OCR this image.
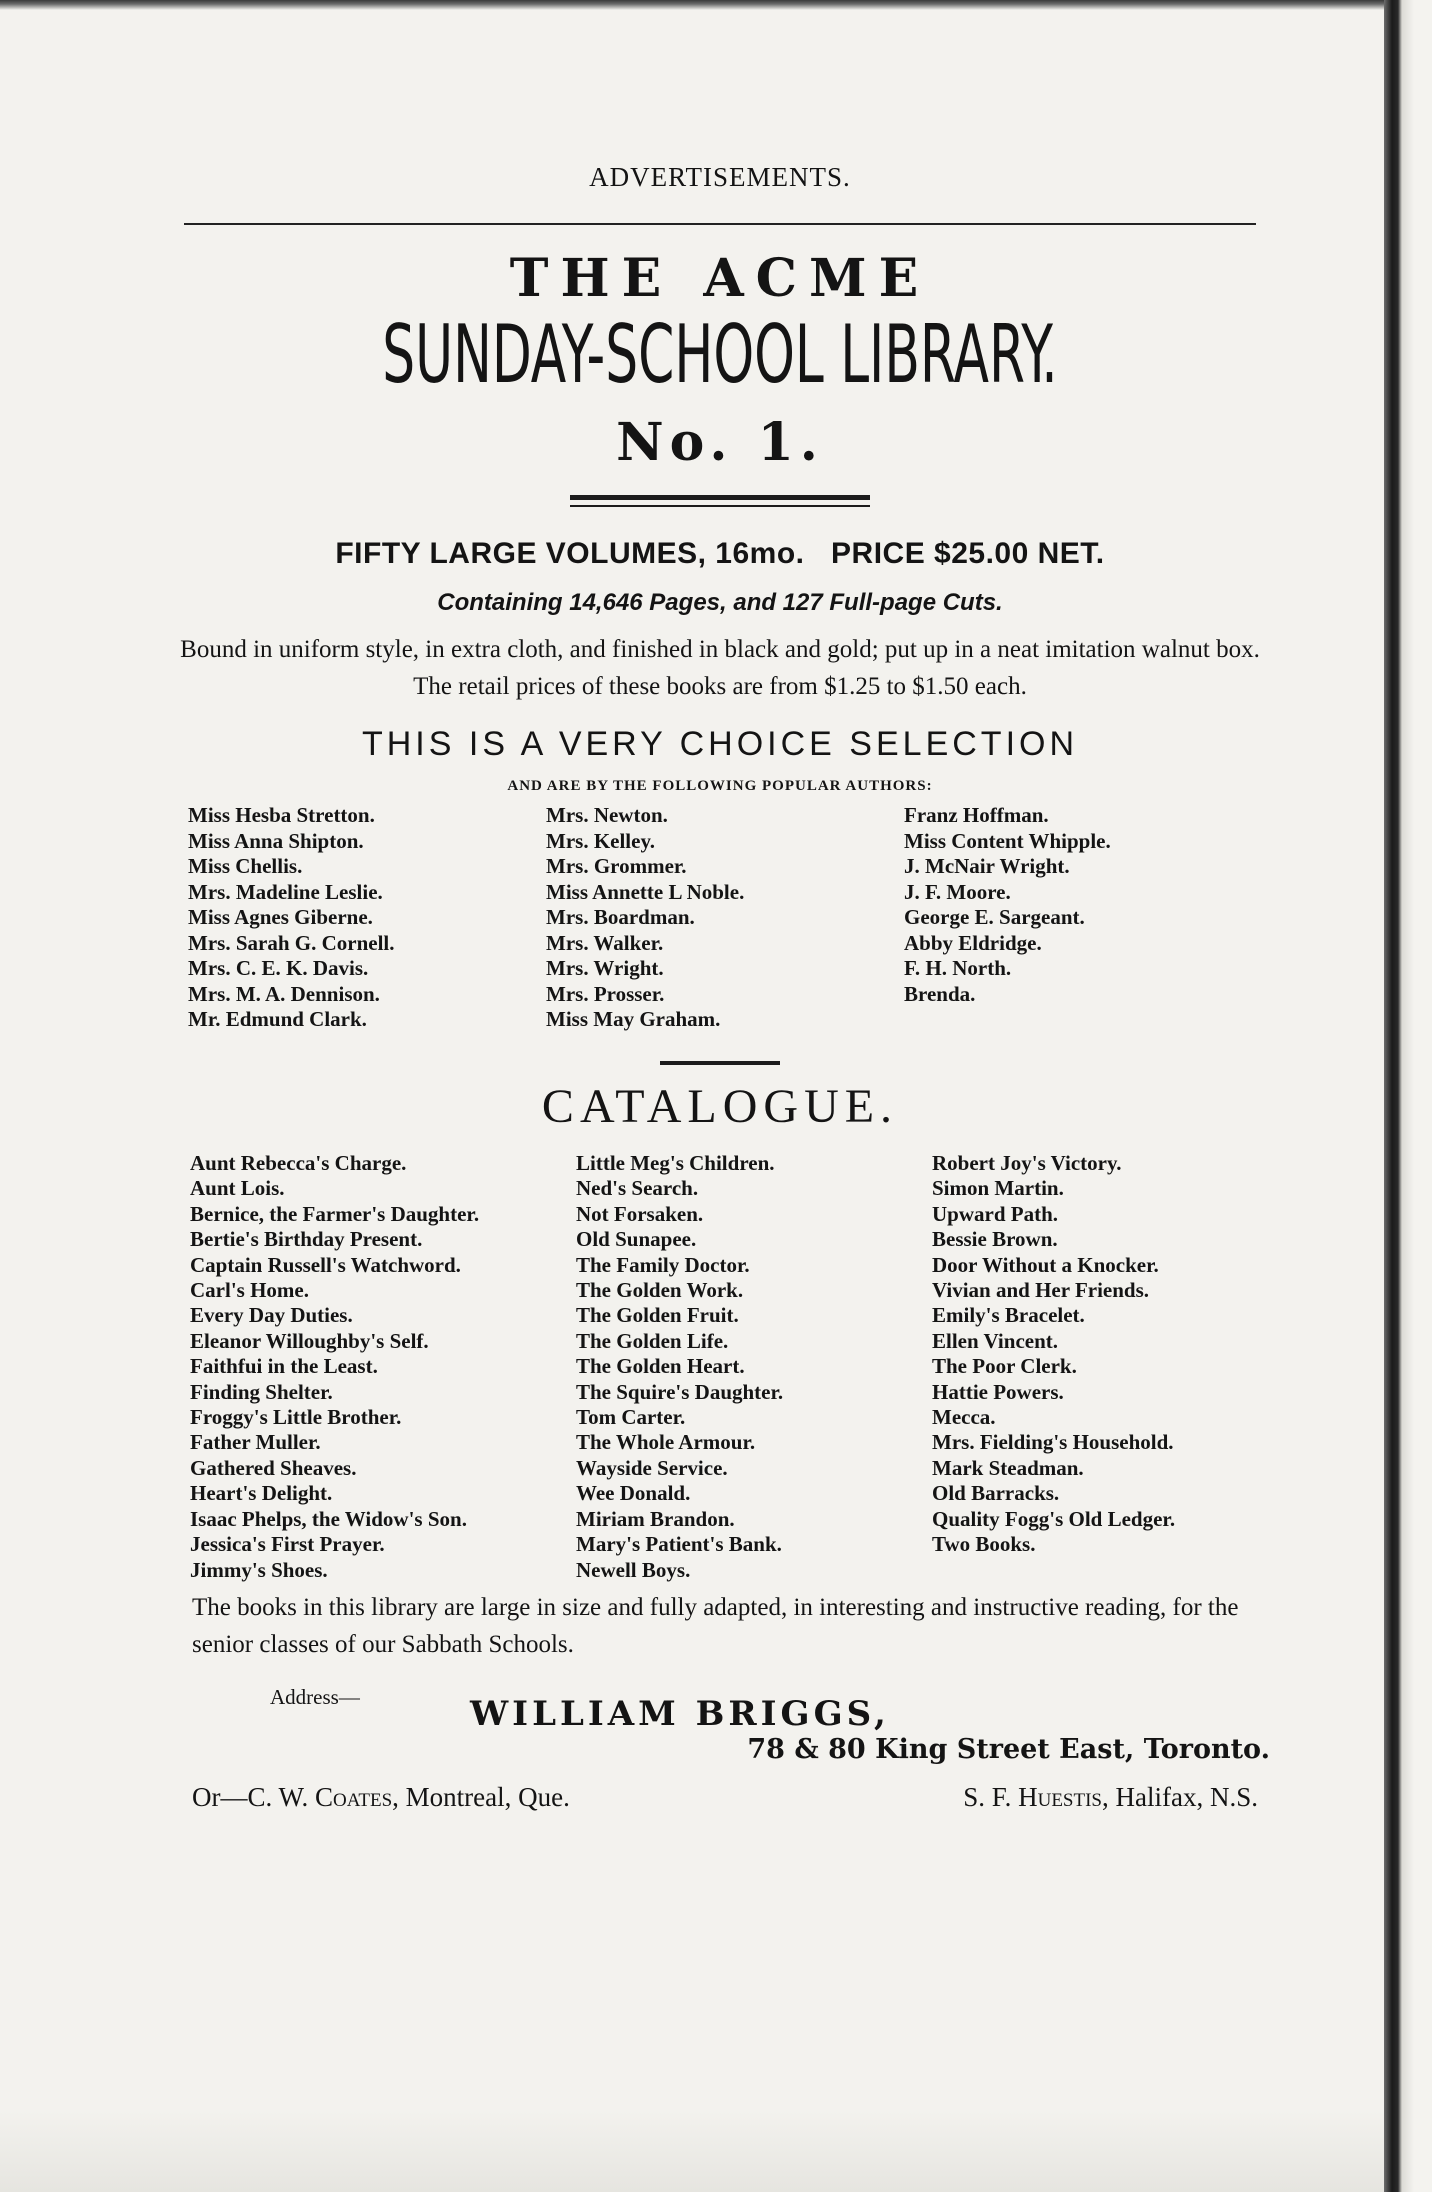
ADVERTISEMENTS.
THE ACME
SUNDAY-SCHOOL LIBRARY.
No. 1.
FIFTY LARGE VOLUMES, 16mo.   PRICE $25.00 NET.
Containing 14,646 Pages, and 127 Full-page Cuts.
Bound in uniform style, in extra cloth, and finished in black and gold; put up in a neat imitation walnut box. The retail prices of these books are from $1.25 to $1.50 each.
THIS IS A VERY CHOICE SELECTION
AND ARE BY THE FOLLOWING POPULAR AUTHORS:
Miss Hesba Stretton.
Miss Anna Shipton.
Miss Chellis.
Mrs. Madeline Leslie.
Miss Agnes Giberne.
Mrs. Sarah G. Cornell.
Mrs. C. E. K. Davis.
Mrs. M. A. Dennison.
Mr. Edmund Clark.
Mrs. Newton.
Mrs. Kelley.
Mrs. Grommer.
Miss Annette L Noble.
Mrs. Boardman.
Mrs. Walker.
Mrs. Wright.
Mrs. Prosser.
Miss May Graham.
Franz Hoffman.
Miss Content Whipple.
J. McNair Wright.
J. F. Moore.
George E. Sargeant.
Abby Eldridge.
F. H. North.
Brenda.
CATALOGUE.
Aunt Rebecca's Charge.
Aunt Lois.
Bernice, the Farmer's Daughter.
Bertie's Birthday Present.
Captain Russell's Watchword.
Carl's Home.
Every Day Duties.
Eleanor Willoughby's Self.
Faithfui in the Least.
Finding Shelter.
Froggy's Little Brother.
Father Muller.
Gathered Sheaves.
Heart's Delight.
Isaac Phelps, the Widow's Son.
Jessica's First Prayer.
Jimmy's Shoes.
Little Meg's Children.
Ned's Search.
Not Forsaken.
Old Sunapee.
The Family Doctor.
The Golden Work.
The Golden Fruit.
The Golden Life.
The Golden Heart.
The Squire's Daughter.
Tom Carter.
The Whole Armour.
Wayside Service.
Wee Donald.
Miriam Brandon.
Mary's Patient's Bank.
Newell Boys.
Robert Joy's Victory.
Simon Martin.
Upward Path.
Bessie Brown.
Door Without a Knocker.
Vivian and Her Friends.
Emily's Bracelet.
Ellen Vincent.
The Poor Clerk.
Hattie Powers.
Mecca.
Mrs. Fielding's Household.
Mark Steadman.
Old Barracks.
Quality Fogg's Old Ledger.
Two Books.
The books in this library are large in size and fully adapted, in interesting and instructive reading, for the senior classes of our Sabbath Schools.
Address—	WILLIAM BRIGGS,
78 & 80 King Street East, Toronto.
Or—C. W. Coates, Montreal, Que.	S. F. Huestis, Halifax, N.S.
